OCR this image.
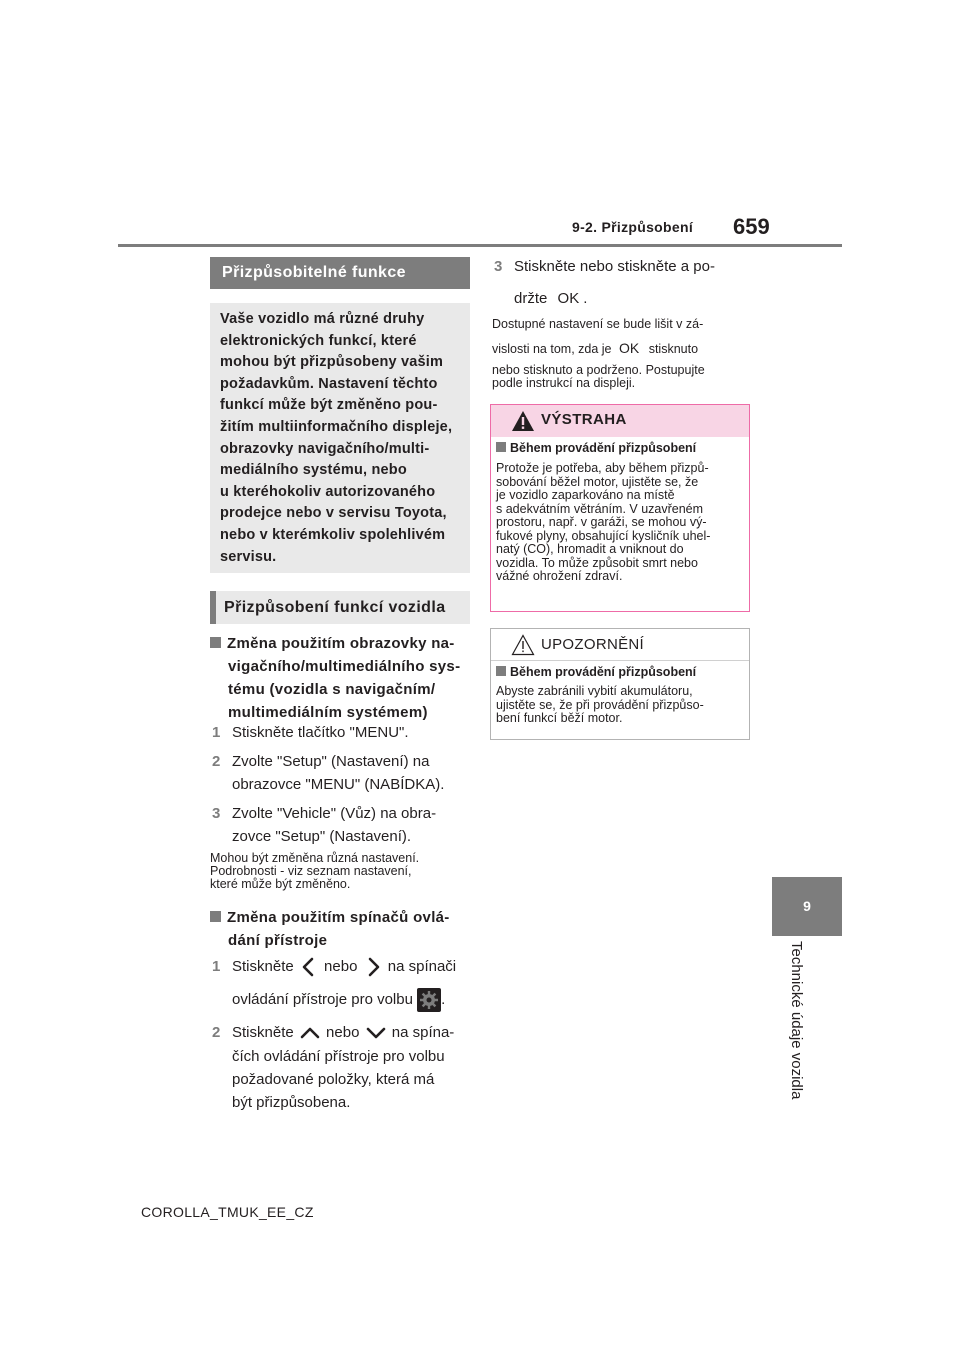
9-2. Přizpůsobení 659
9
Technické údaje vozidla
Přizpůsobitelné funkce
Vaše vozidlo má různé druhy
elektronických funkcí, které
mohou být přizpůsobeny vašim
požadavkům. Nastavení těchto
funkcí může být změněno pou-
žitím multiinformačního displeje,
obrazovky navigačního/multi-
mediálního systému, nebo
u kteréhokoliv autorizovaného
prodejce nebo v servisu Toyota,
nebo v kterémkoliv spolehlivém
servisu.
Přizpůsobení funkcí vozidla
Změna použitím obrazovky na-
vigačního/multimediálního sys-
tému (vozidla s navigačním/
multimediálním systémem)
1 Stiskněte tlačítko "MENU".
2 Zvolte "Setup" (Nastavení) na
obrazovce "MENU" (NABÍDKA).
3 Zvolte "Vehicle" (Vůz) na obra-
zovce "Setup" (Nastavení).
Mohou být změněna různá nastavení.
Podrobnosti - viz seznam nastavení,
které může být změněno.
Změna použitím spínačů ovlá-
dání přístroje
1 Stiskněte nebo na spínači
ovládání přístroje pro volbu .
2 Stiskněte nebo na spína-
čích ovládání přístroje pro volbu
požadované položky, která má
být přizpůsobena.
3 Stiskněte nebo stiskněte a po-
držte OK .
Dostupné nastavení se bude lišit v zá-
vislosti na tom, zda je OK stisknuto
nebo stisknuto a podrženo. Postupujte
podle instrukcí na displeji.
VÝSTRAHA
Během provádění přizpůsobení
Protože je potřeba, aby během přizpů-
sobování běžel motor, ujistěte se, že
je vozidlo zaparkováno na místě
s adekvátním větráním. V uzavřeném
prostoru, např. v garáži, se mohou vý-
fukové plyny, obsahující kysličník uhel-
natý (CO), hromadit a vniknout do
vozidla. To může způsobit smrt nebo
vážné ohrožení zdraví.
UPOZORNĚNÍ
Během provádění přizpůsobení
Abyste zabránili vybití akumulátoru,
ujistěte se, že při provádění přizpůso-
bení funkcí běží motor.
COROLLA_TMUK_EE_CZ
